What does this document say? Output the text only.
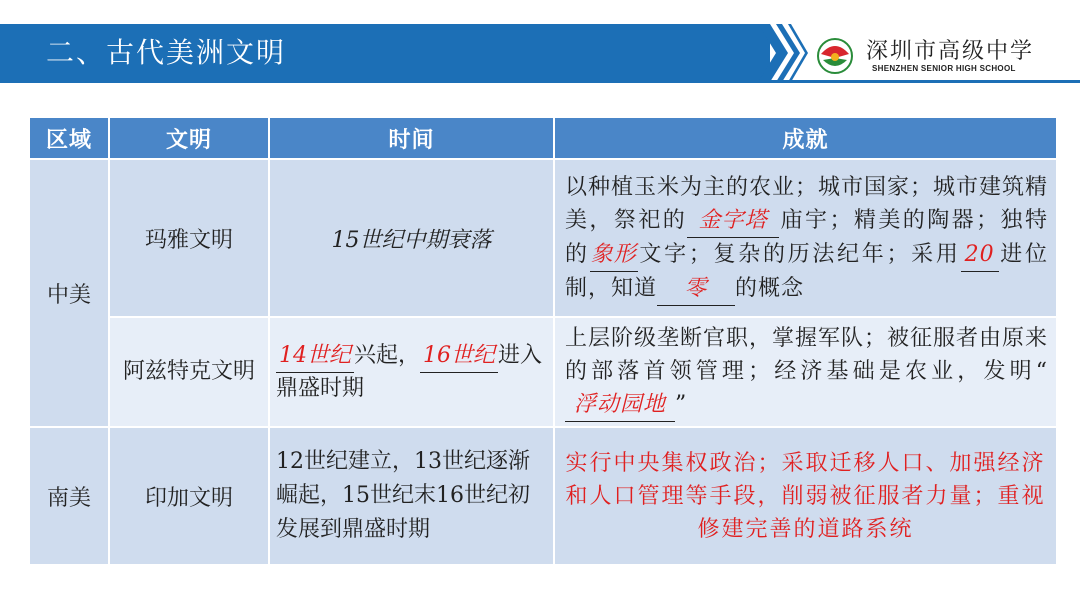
二、古代美洲文明	深圳市高级中学
SHENZHEN SENIOR HIGH SCHOOL
区域	文明	时间	成就
中美	玛雅文明	15世纪中期衰落	以种植玉米为主的农业；城市国家；城市建筑精美，祭祀的 金字塔 庙宇；精美的陶器；独特的象形文字；复杂的历法纪年；采用 20 进位制，知道 零 的概念
	阿兹特克文明	14世纪 兴起， 16世纪 进入鼎盛时期	上层阶级垄断官职，掌握军队；被征服者由原来的部落首领管理；经济基础是农业，发明“浮动园地 ”
南美	印加文明	12世纪建立，13世纪逐渐崛起，15世纪末16世纪初发展到鼎盛时期	实行中央集权政治；采取迁移人口、加强经济和人口管理等手段，削弱被征服者力量；重视修建完善的道路系统
